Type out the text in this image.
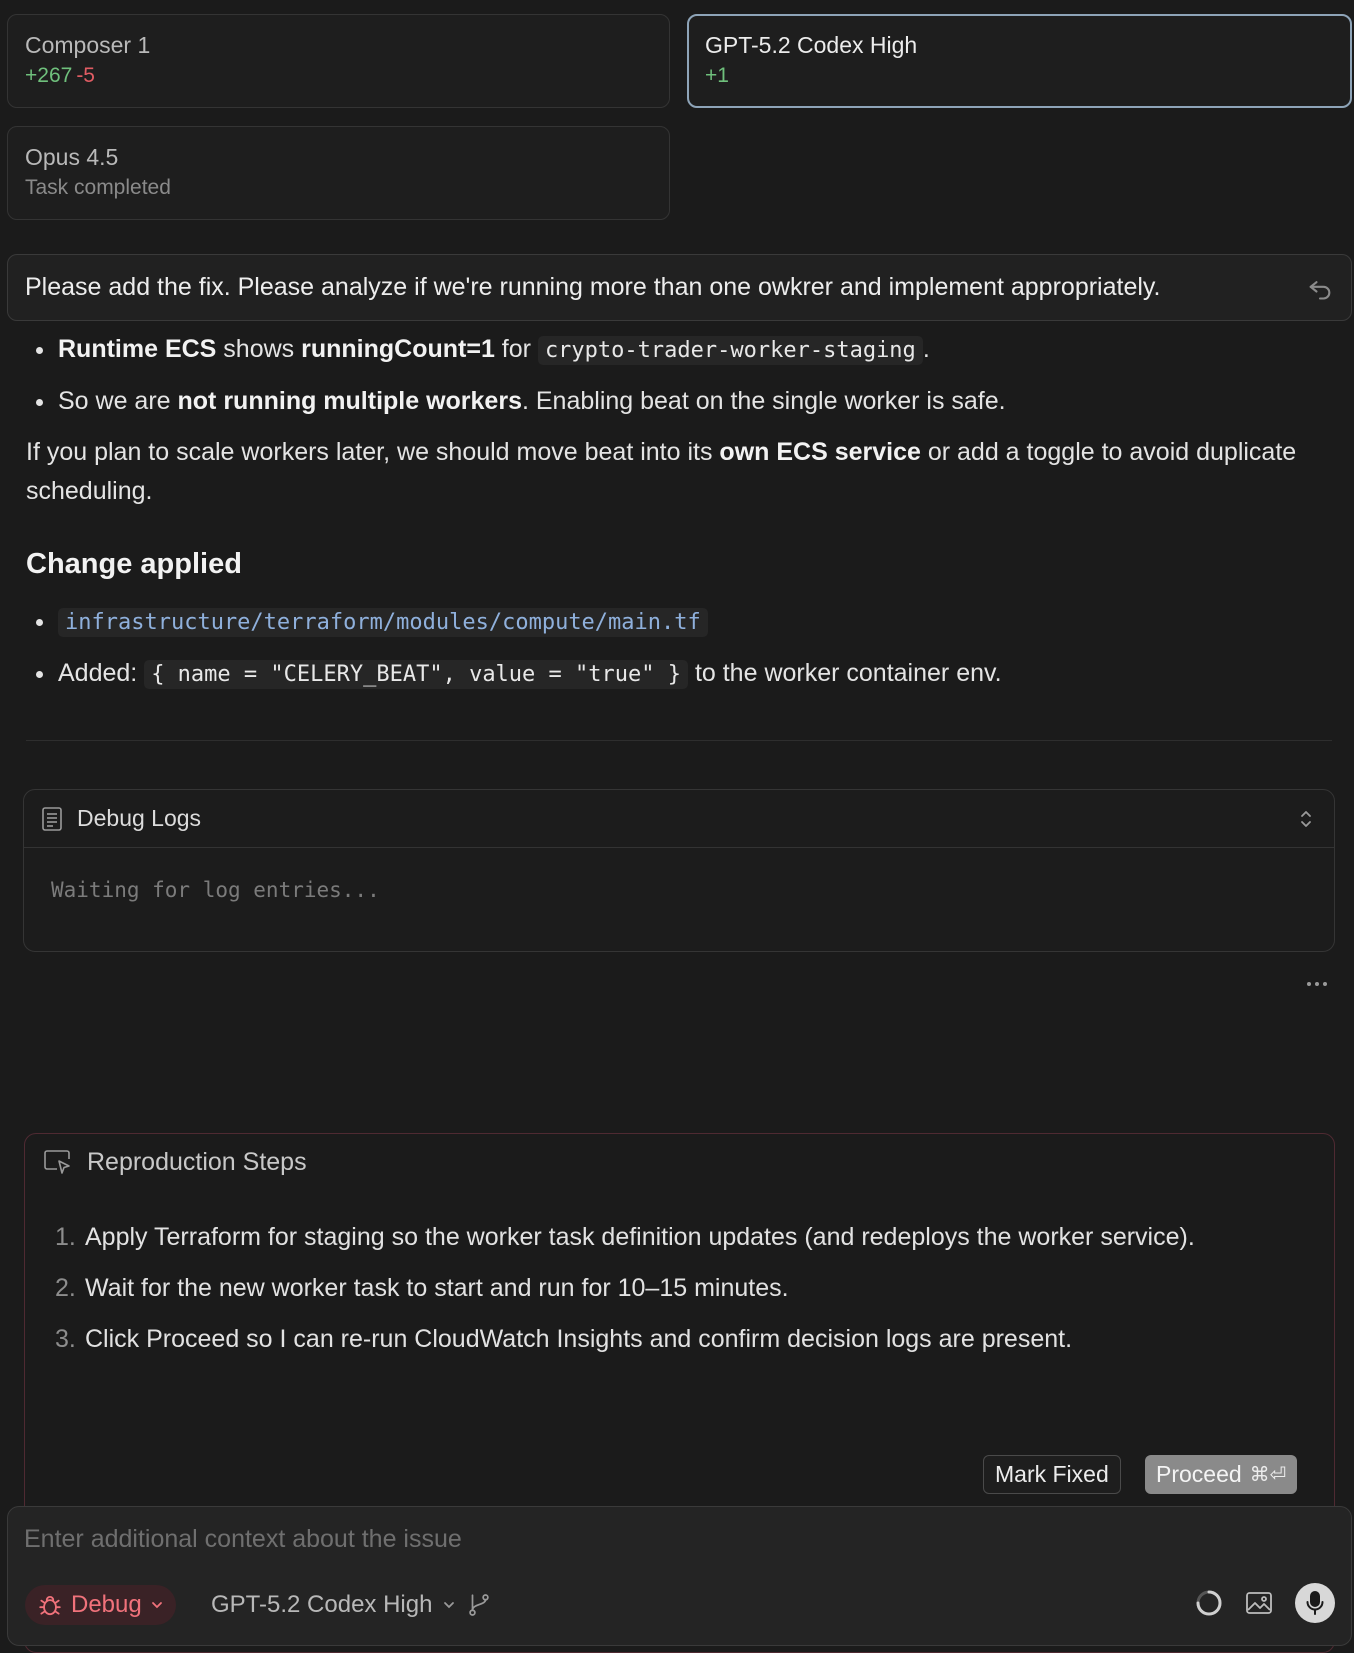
Composer 1
+267 -5
GPT-5.2 Codex High
+1
Opus 4.5
Task completed
Please add the fix. Please analyze if we're running more than one owkrer and implement appropriately.
Runtime ECS shows runningCount=1 for crypto-trader-worker-staging .
So we are not running multiple workers. Enabling beat on the single worker is safe.

If you plan to scale workers later, we should move beat into its own ECS service or add a toggle to avoid duplicate scheduling.

Change applied
infrastructure/terraform/modules/compute/main.tf
Added: { name = "CELERY_BEAT", value = "true" } to the worker container env.
Debug Logs
Waiting for log entries...
Reproduction Steps
1. Apply Terraform for staging so the worker task definition updates (and redeploys the worker service).
2. Wait for the new worker task to start and run for 10–15 minutes.
3. Click Proceed so I can re-run CloudWatch Insights and confirm decision logs are present.
Mark Fixed	Proceed ⌘⏎
Enter additional context about the issue
Debug	GPT-5.2 Codex High
